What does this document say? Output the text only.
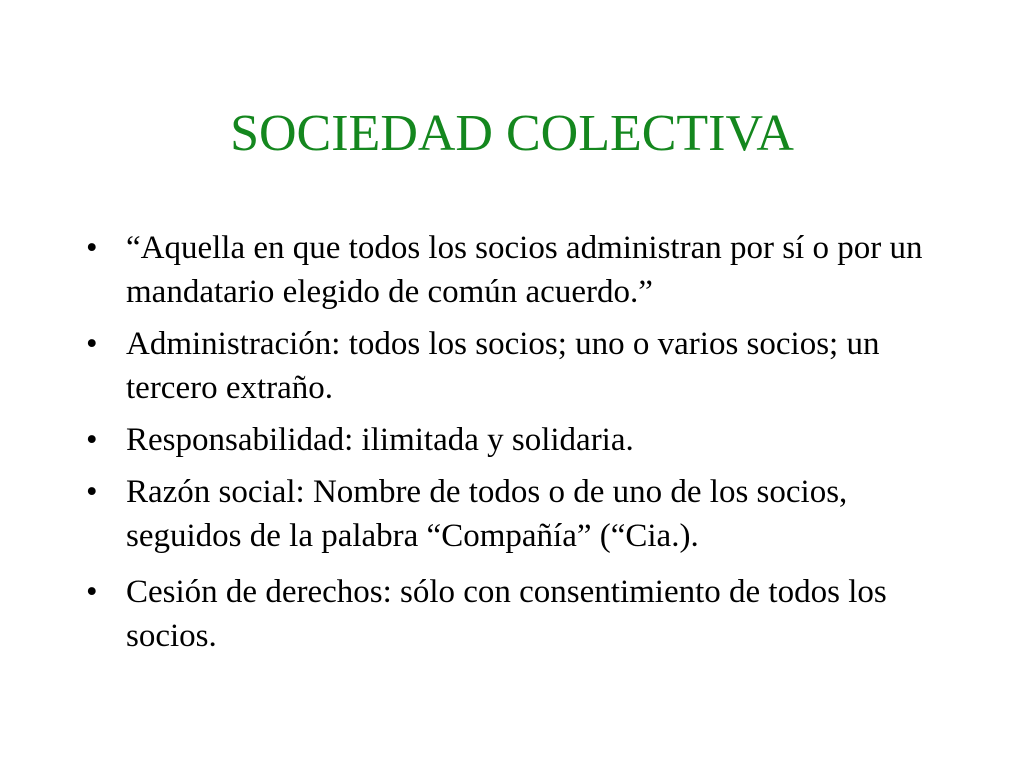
SOCIEDAD COLECTIVA
• “Aquella en que todos los socios administran por sí o por un mandatario elegido de común acuerdo.”
• Administración: todos los socios; uno o varios socios; un tercero extraño.
• Responsabilidad: ilimitada y solidaria.
• Razón social: Nombre de todos o de uno de los socios, seguidos de la palabra “Compañía” (“Cia.).
• Cesión de derechos: sólo con consentimiento de todos los socios.
